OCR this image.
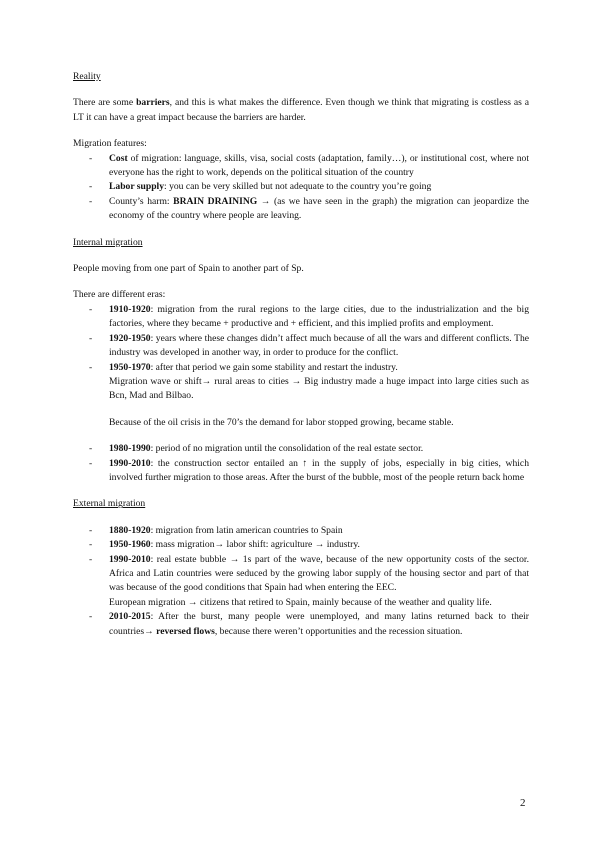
Reality

There are some barriers, and this is what makes the difference. Even though we think that migrating is costless as a LT it can have a great impact because the barriers are harder.

Migration features:

- Cost of migration: language, skills, visa, social costs (adaptation, family…), or institutional cost, where not everyone has the right to work, depends on the political situation of the country
- Labor supply: you can be very skilled but not adequate to the country you’re going
- County’s harm: BRAIN DRAINING → (as we have seen in the graph) the migration can jeopardize the economy of the country where people are leaving.

Internal migration

People moving from one part of Spain to another part of Sp.

There are different eras:

- 1910-1920: migration from the rural regions to the large cities, due to the industrialization and the big factories, where they became + productive and + efficient, and this implied profits and employment.
- 1920-1950: years where these changes didn’t affect much because of all the wars and different conflicts. The industry was developed in another way, in order to produce for the conflict.
- 1950-1970: after that period we gain some stability and restart the industry.

Migration wave or shift→ rural areas to cities → Big industry made a huge impact into large cities such as Bcn, Mad and Bilbao.

Because of the oil crisis in the 70’s the demand for labor stopped growing, became stable.

- 1980-1990: period of no migration until the consolidation of the real estate sector.
- 1990-2010: the construction sector entailed an ↑ in the supply of jobs, especially in big cities, which involved further migration to those areas. After the burst of the bubble, most of the people return back home

External migration

- 1880-1920: migration from latin american countries to Spain
- 1950-1960: mass migration→ labor shift: agriculture → industry.
- 1990-2010: real estate bubble → 1s part of the wave, because of the new opportunity costs of the sector. Africa and Latin countries were seduced by the growing labor supply of the housing sector and part of that was because of the good conditions that Spain had when entering the EEC.

European migration → citizens that retired to Spain, mainly because of the weather and quality life.

- 2010-2015: After the burst, many people were unemployed, and many latins returned back to their countries→ reversed flows, because there weren’t opportunities and the recession situation.
2
